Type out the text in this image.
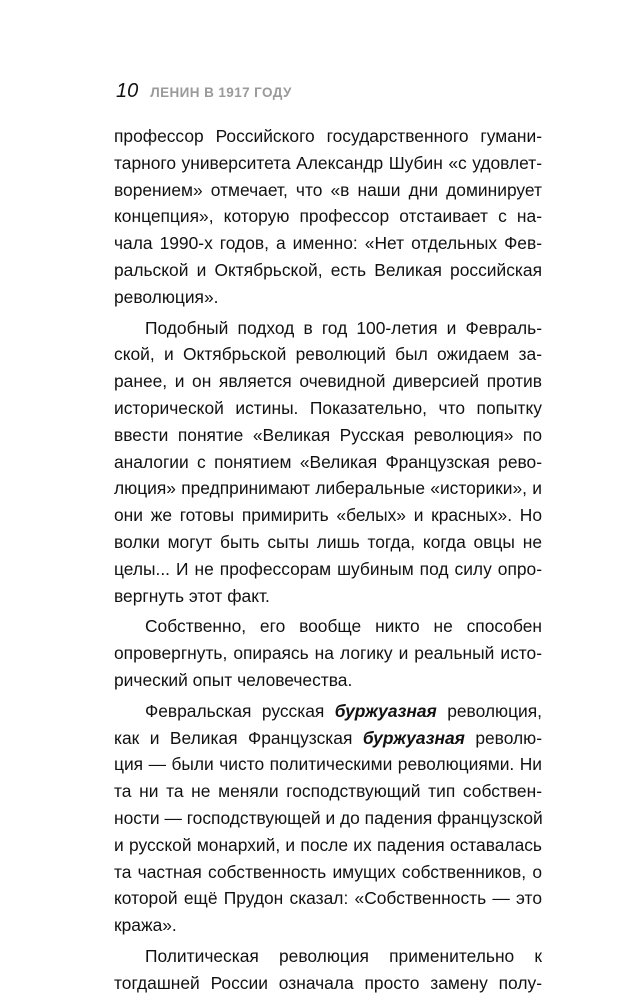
10 ЛЕНИН В 1917 ГОДУ
профессор Российского государственного гумани-
тарного университета Александр Шубин «с удовлет-
ворением» отмечает, что «в наши дни доминирует
концепция», которую профессор отстаивает с на-
чала 1990-х годов, а именно: «Нет отдельных Фев-
ральской и Октябрьской, есть Великая российская
революция».
Подобный подход в год 100-летия и Февраль-
ской, и Октябрьской революций был ожидаем за-
ранее, и он является очевидной диверсией против
исторической истины. Показательно, что попытку
ввести понятие «Великая Русская революция» по
аналогии с понятием «Великая Французская рево-
люция» предпринимают либеральные «историки», и
они же готовы примирить «белых» и красных». Но
волки могут быть сыты лишь тогда, когда овцы не
целы... И не профессорам шубиным под силу опро-
вергнуть этот факт.
Собственно, его вообще никто не способен
опровергнуть, опираясь на логику и реальный исто-
рический опыт человечества.
Февральская русская буржуазная революция,
как и Великая Французская буржуазная револю-
ция — были чисто политическими революциями. Ни
та ни та не меняли господствующий тип собствен-
ности — господствующей и до падения французской
и русской монархий, и после их падения оставалась
та частная собственность имущих собственников, о
которой ещё Прудон сказал: «Собственность — это
кража».
Политическая революция применительно к
тогдашней России означала просто замену полу-
